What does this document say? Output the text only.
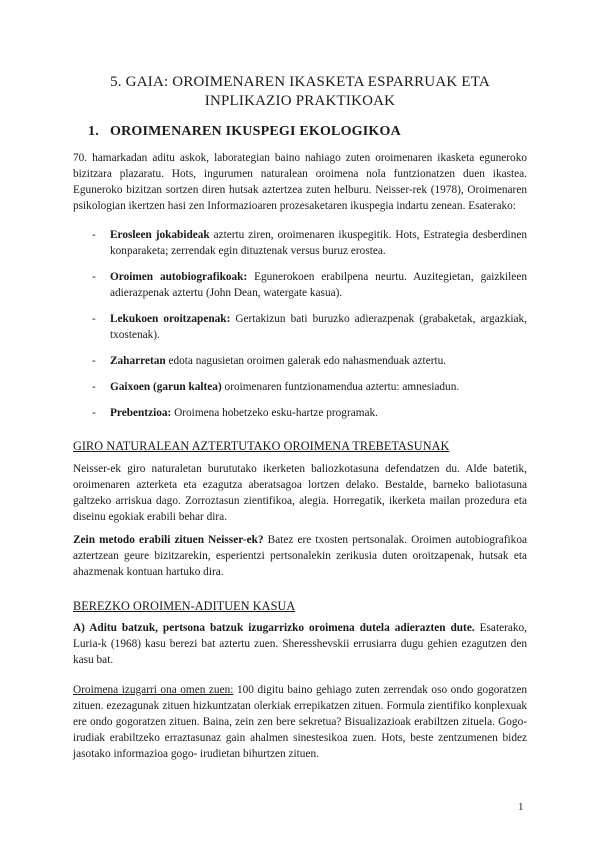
5. GAIA: OROIMENAREN IKASKETA ESPARRUAK ETA
INPLIKAZIO PRAKTIKOAK
1. OROIMENAREN IKUSPEGI EKOLOGIKOA
70. hamarkadan aditu askok, laborategian baino nahiago zuten oroimenaren ikasketa eguneroko bizitzara plazaratu. Hots, ingurumen naturalean oroimena nola funtzionatzen duen ikastea. Eguneroko bizitzan sortzen diren hutsak aztertzea zuten helburu. Neisser-rek (1978), Oroimenaren psikologian ikertzen hasi zen Informazioaren prozesaketaren ikuspegia indartu zenean. Esaterako:
- Erosleen jokabideak aztertu ziren, oroimenaren ikuspegitik. Hots, Estrategia desberdinen konparaketa; zerrendak egin dituztenak versus buruz erostea.
- Oroimen autobiografikoak: Egunerokoen erabilpena neurtu. Auzitegietan, gaizkileen adierazpenak aztertu (John Dean, watergate kasua).
- Lekukoen oroitzapenak: Gertakizun bati buruzko adierazpenak (grabaketak, argazkiak, txostenak).
- Zaharretan edota nagusietan oroimen galerak edo nahasmenduak aztertu.
- Gaixoen (garun kaltea) oroimenaren funtzionamendua aztertu: amnesiadun.
- Prebentzioa: Oroimena hobetzeko esku-hartze programak.
GIRO NATURALEAN AZTERTUTAKO OROIMENA TREBETASUNAK
Neisser-ek giro naturaletan burututako ikerketen baliozkotasuna defendatzen du. Alde batetik, oroimenaren azterketa eta ezagutza aberatsagoa lortzen delako. Bestalde, barneko baliotasuna galtzeko arriskua dago. Zorroztasun zientifikoa, alegia. Horregatik, ikerketa mailan prozedura eta diseinu egokiak erabili behar dira.
Zein metodo erabili zituen Neisser-ek? Batez ere txosten pertsonalak. Oroimen autobiografikoa aztertzean geure bizitzarekin, esperientzi pertsonalekin zerikusia duten oroitzapenak, hutsak eta ahazmenak kontuan hartuko dira.
BEREZKO OROIMEN-ADITUEN KASUA
A) Aditu batzuk, pertsona batzuk izugarrizko oroimena dutela adierazten dute. Esaterako, Luria-k (1968) kasu berezi bat aztertu zuen. Sheresshevskii errusiarra dugu gehien ezagutzen den kasu bat.
Oroimena izugarri ona omen zuen: 100 digitu baino gehiago zuten zerrendak oso ondo gogoratzen zituen. ezezagunak zituen hizkuntzatan olerkiak errepikatzen zituen. Formula zientifiko konplexuak ere ondo gogoratzen zituen. Baina, zein zen bere sekretua? Bisualizazioak erabiltzen zituela. Gogo-irudiak erabiltzeko erraztasunaz gain ahalmen sinestesikoa zuen. Hots, beste zentzumenen bidez jasotako informazioa gogo- irudietan bihurtzen zituen.
1
